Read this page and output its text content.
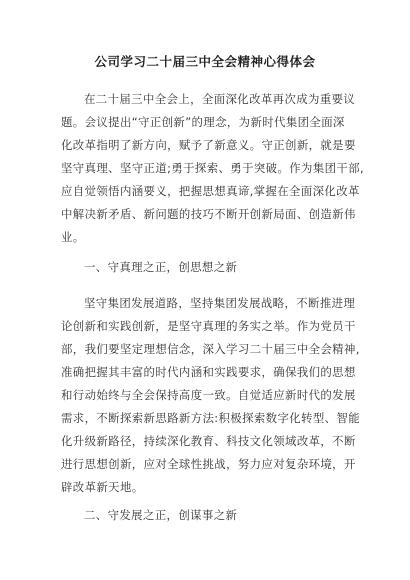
公司学习二十届三中全会精神心得体会
在二十届三中全会上，全面深化改革再次成为重要议
题。会议提出“守正创新”的理念，为新时代集团全面深
化改革指明了新方向，赋予了新意义。守正创新，就是要
坚守真理、坚守正道;勇于探索、勇于突破。作为集团干部,
应自觉领悟内涵要义，把握思想真谛,掌握在全面深化改革
中解决新矛盾、新问题的技巧不断开创新局面、创造新伟
业。
一、守真理之正，创思想之新
坚守集团发展道路，坚持集团发展战略，不断推进理
论创新和实践创新，是坚守真理的务实之举。作为党员干
部，我们要坚定理想信念，深入学习二十届三中全会精神,
准确把握其丰富的时代内涵和实践要求，确保我们的思想
和行动始终与全会保持高度一致。自觉适应新时代的发展
需求，不断探索新思路新方法:积极探索数字化转型、智能
化升级新路径，持续深化教育、科技文化领域改革，不断
进行思想创新，应对全球性挑战，努力应对复杂环境，开
辟改革新天地。
二、守发展之正，创谋事之新
